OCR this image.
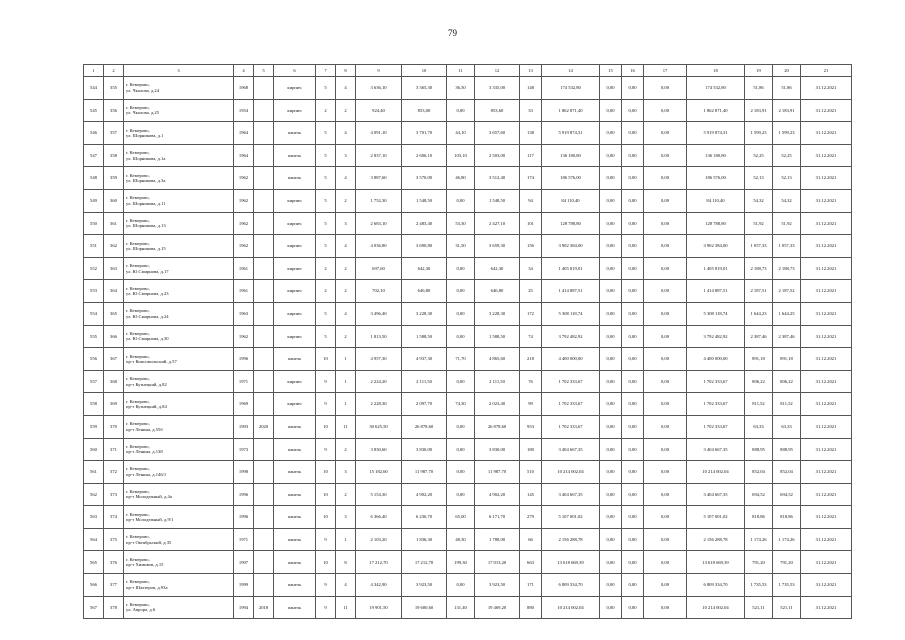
79
1	2	3	4	5	6	7	8	9	10	11	12	13	14	15	16	17	18	19	20	21
544	355	г. Кемерово,
ул. Чкалова, д.24	1968		кирпич	5	4	3 636,10	3 365,30	36,50	3 335,00	148	174 532,80	0,00	0,00	0,00	174 532,80	51,86	51,86	31.12.2021
545	356	г. Кемерово,
ул. Чкалова, д.25	1954		кирпич	2	2	924,40	853,00	0,00	853,60	33	1 862 871,40	0,00	0,00	0,00	1 862 871,40	2 183,91	2 183,91	31.12.2021
546	357	г. Кемерово,
ул. Шорникова, д.1	1964		панель	5	4	4 091,10	3 701,70	44,10	3 657,60	138	5 919 874,31	0,00	0,00	0,00	5 919 874,31	1 599,23	1 599,23	31.12.2021
547	358	г. Кемерово,
ул. Шорникова, д.1а	1964		панель	5	3	2 837,10	2 606,10	103,10	2 503,00	117	136 180,80	0,00	0,00	0,00	136 180,80	52,25	52,25	31.12.2021
548	359	г. Кемерово,
ул. Шорникова, д.3а	1962		панель	5	4	3 887,60	3 570,00	46,80	3 512,40	174	186 576,00	0,00	0,00	0,00	186 576,00	52,13	52,13	31.12.2021
549	360	г. Кемерово,
ул. Шорникова, д.11	1962		кирпич	5	2	1 752,30	1 548,50	0,00	1 548,50	94	84 110,40	0,00	0,00	0,00	84 110,40	54,32	54,32	31.12.2021
550	361	г. Кемерово,
ул. Шорникова, д.13	1962		кирпич	5	3	2 683,10	2 483,40	53,30	2 427,10	101	128 788,80	0,00	0,00	0,00	128 788,80	51,92	51,92	31.12.2021
551	362	г. Кемерово,
ул. Шорникова, д.15	1962		кирпич	5	4	4 036,80	3 690,80	31,50	3 659,30	156	3 902 384,00	0,00	0,00	0,00	3 902 384,00	1 057,33	1 057,33	31.12.2021
552	363	г. Кемерово,
ул. Ю.Смирнова, д.17	1961		кирпич	2	2	697,60	642,30	0,00	642,30	34	1 405 819,01	0,00	0,00	0,00	1 405 819,01	2 188,73	2 188,73	31.12.2021
553	364	г. Кемерово,
ул. Ю.Смирнова, д.23	1961		кирпич	2	2	702,10	646,80	0,00	646,80	25	1 414 887,51	0,00	0,00	0,00	1 414 887,51	2 187,51	2 187,52	31.12.2021
554	365	г. Кемерово,
ул. Ю.Смирнова, д.24	1963		кирпич	5	4	3 496,40	3 228,30	0,00	3 228,30	172	5 308 118,74	0,00	0,00	0,00	5 308 118,74	1 644,23	1 644,25	31.12.2021
555	366	г. Кемерово,
ул. Ю.Смирнова, д.30	1962		кирпич	5	2	1 813,50	1 588,50	0,00	1 588,50	74	3 792 482,92	0,00	0,00	0,00	3 792 482,92	2 387,46	2 387,46	31.12.2021
556	367	г. Кемерово,
пр-т Комсомольский, д.57	1996		панель	10	1	4 957,30	4 937,30	71,70	4 865,60	218	4 400 000,00	0,00	0,00	0,00	4 400 000,00	891,18	891,18	31.12.2021
557	368	г. Кемерово,
пр-т Кузнецкий, д.82	1971		кирпич	9	1	2 224,20	2 111,50	0,00	2 111,50	76	1 702 333,67	0,00	0,00	0,00	1 702 333,67	806,22	806,22	31.12.2021
558	369	г. Кемерово,
пр-т Кузнецкий, д.84	1969		кирпич	9	1	2 228,30	2 097,70	74,30	2 023,40	99	1 702 333,67	0,00	0,00	0,00	1 702 333,67	811,52	811,52	31.12.2021
559	370	г. Кемерово,
пр-т Ленина, д.55б	1993	2020	панель	10	11	30 625,50	26 878,60	0,00	26 878,60	953	1 702 333,67	0,00	0,00	0,00	1 702 333,67	63,33	63,33	31.12.2021
560	371	г. Кемерово,
пр-т Ленина, д.138	1973		панель	9	2	3 830,60	3 830,00	0,00	3 830,00	180	3 404 667,35	0,00	0,00	0,00	3 404 667,35	888,95	888,95	31.12.2021
561	372	г. Кемерово,
пр-т Ленина, д.146/1	1998		панель	10	3	15 182,60	11 987,70	0,00	11 987,70	510	10 214 002,04	0,00	0,00	0,00	10 214 002,04	852,04	852,04	31.12.2021
562	373	г. Кемерово,
пр-т Молодежный, д.4а	1996		панель	10	2	5 154,30	4 902,20	0,00	4 902,20	145	3 404 667,35	0,00	0,00	0,00	3 404 667,35	694,52	694,52	31.12.2021
563	374	г. Кемерово,
пр-т Молодежный, д.9/1	1996		панель	10	3	6 366,40	6 236,70	65,00	6 171,70	279	5 107 001,02	0,00	0,00	0,00	5 107 001,02	818,86	818,86	31.12.2021
564	375	г. Кемерово,
пр-т Октябрьский, д.35	1971		панель	9	1	2 103,20	1 836,30	48,30	1 788,00	66	2 156 288,78	0,00	0,00	0,00	2 156 288,78	1 174,26	1 174,26	31.12.2021
565	376	г. Кемерово,
пр-т Химиков, д.15	1997		панель	10	8	17 212,70	17 212,70	199,30	17 013,20	663	13 618 669,39	0,00	0,00	0,00	13 618 669,39	791,20	791,20	31.12.2021
566	377	г. Кемерово,
пр-т Шахтеров, д.93а	1999		панель	9	4	4 342,90	3 923,50	0,00	3 923,50	171	6 809 334,70	0,00	0,00	0,00	6 809 334,70	1 735,53	1 735,53	31.12.2021
567	378	г. Кемерово,
ул. Аврора, д.6	1994	2018	панель	9	11	19 901,50	19 600,60	131,40	19 469,20	880	10 214 002,04	0,00	0,00	0,00	10 214 002,04	521,11	521,11	31.12.2021
